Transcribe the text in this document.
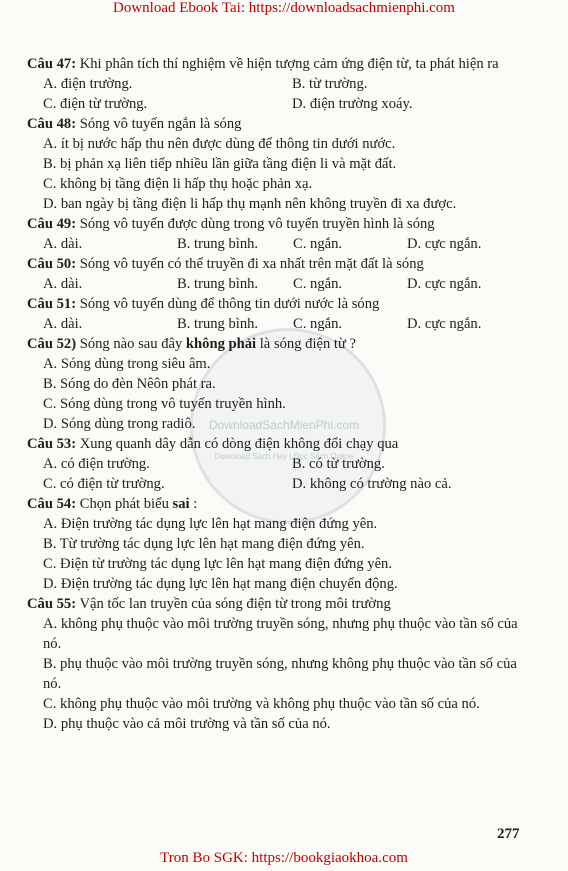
Download Ebook Tai: https://downloadsachmienphi.com
DownloadSachMienPhi.com
Download Sách Hay | Đọc Sách Online

Câu 47: Khi phân tích thí nghiệm về hiện tượng cảm ứng điện từ, ta phát hiện ra

A. điện trường.	B. từ trường.
C. điện từ trường.	D. điện trường xoáy.

Câu 48: Sóng vô tuyến ngắn là sóng

A. ít bị nước hấp thu nên được dùng để thông tin dưới nước.
B. bị phản xạ liên tiếp nhiều lần giữa tầng điện li và mặt đất.
C. không bị tầng điện li hấp thụ hoặc phản xạ.
D. ban ngày bị tầng điện li hấp thụ mạnh nên không truyền đi xa được.

Câu 49: Sóng vô tuyến được dùng trong vô tuyến truyền hình là sóng

A. dài.	B. trung bình. C. ngắn.	D. cực ngắn.

Câu 50: Sóng vô tuyến có thể truyền đi xa nhất trên mặt đất là sóng

A. dài.	B. trung bình. C. ngắn.	D. cực ngắn.

Câu 51: Sóng vô tuyến dùng để thông tin dưới nước là sóng

A. dài.	B. trung bình. C. ngắn.	D. cực ngắn.

Câu 52) Sóng nào sau đây không phải là sóng điện từ ?

A. Sóng dùng trong siêu âm.
B. Sóng do đèn Nêôn phát ra.
C. Sóng dùng trong vô tuyến truyền hình.
D. Sóng dùng trong radiô.

Câu 53: Xung quanh dây dẫn có dòng điện không đổi chạy qua

A. có điện trường.	B. có từ trường.
C. có điện từ trường.	D. không có trường nào cả.

Câu 54: Chọn phát biểu sai :

A. Điện trường tác dụng lực lên hạt mang điện đứng yên.
B. Từ trường tác dụng lực lên hạt mang điện đứng yên.
C. Điện từ trường tác dụng lực lên hạt mang điện đứng yên.
D. Điện trường tác dụng lực lên hạt mang điện chuyển động.

Câu 55: Vận tốc lan truyền của sóng điện từ trong môi trường

A. không phụ thuộc vào môi trường truyền sóng, nhưng phụ thuộc vào tần số của nó.
B. phụ thuộc vào môi trường truyền sóng, nhưng không phụ thuộc vào tần số của nó.
C. không phụ thuộc vào môi trường và không phụ thuộc vào tần số của nó.
D. phụ thuộc vào cả môi trường và tần số của nó.
277
Tron Bo SGK: https://bookgiaokhoa.com
